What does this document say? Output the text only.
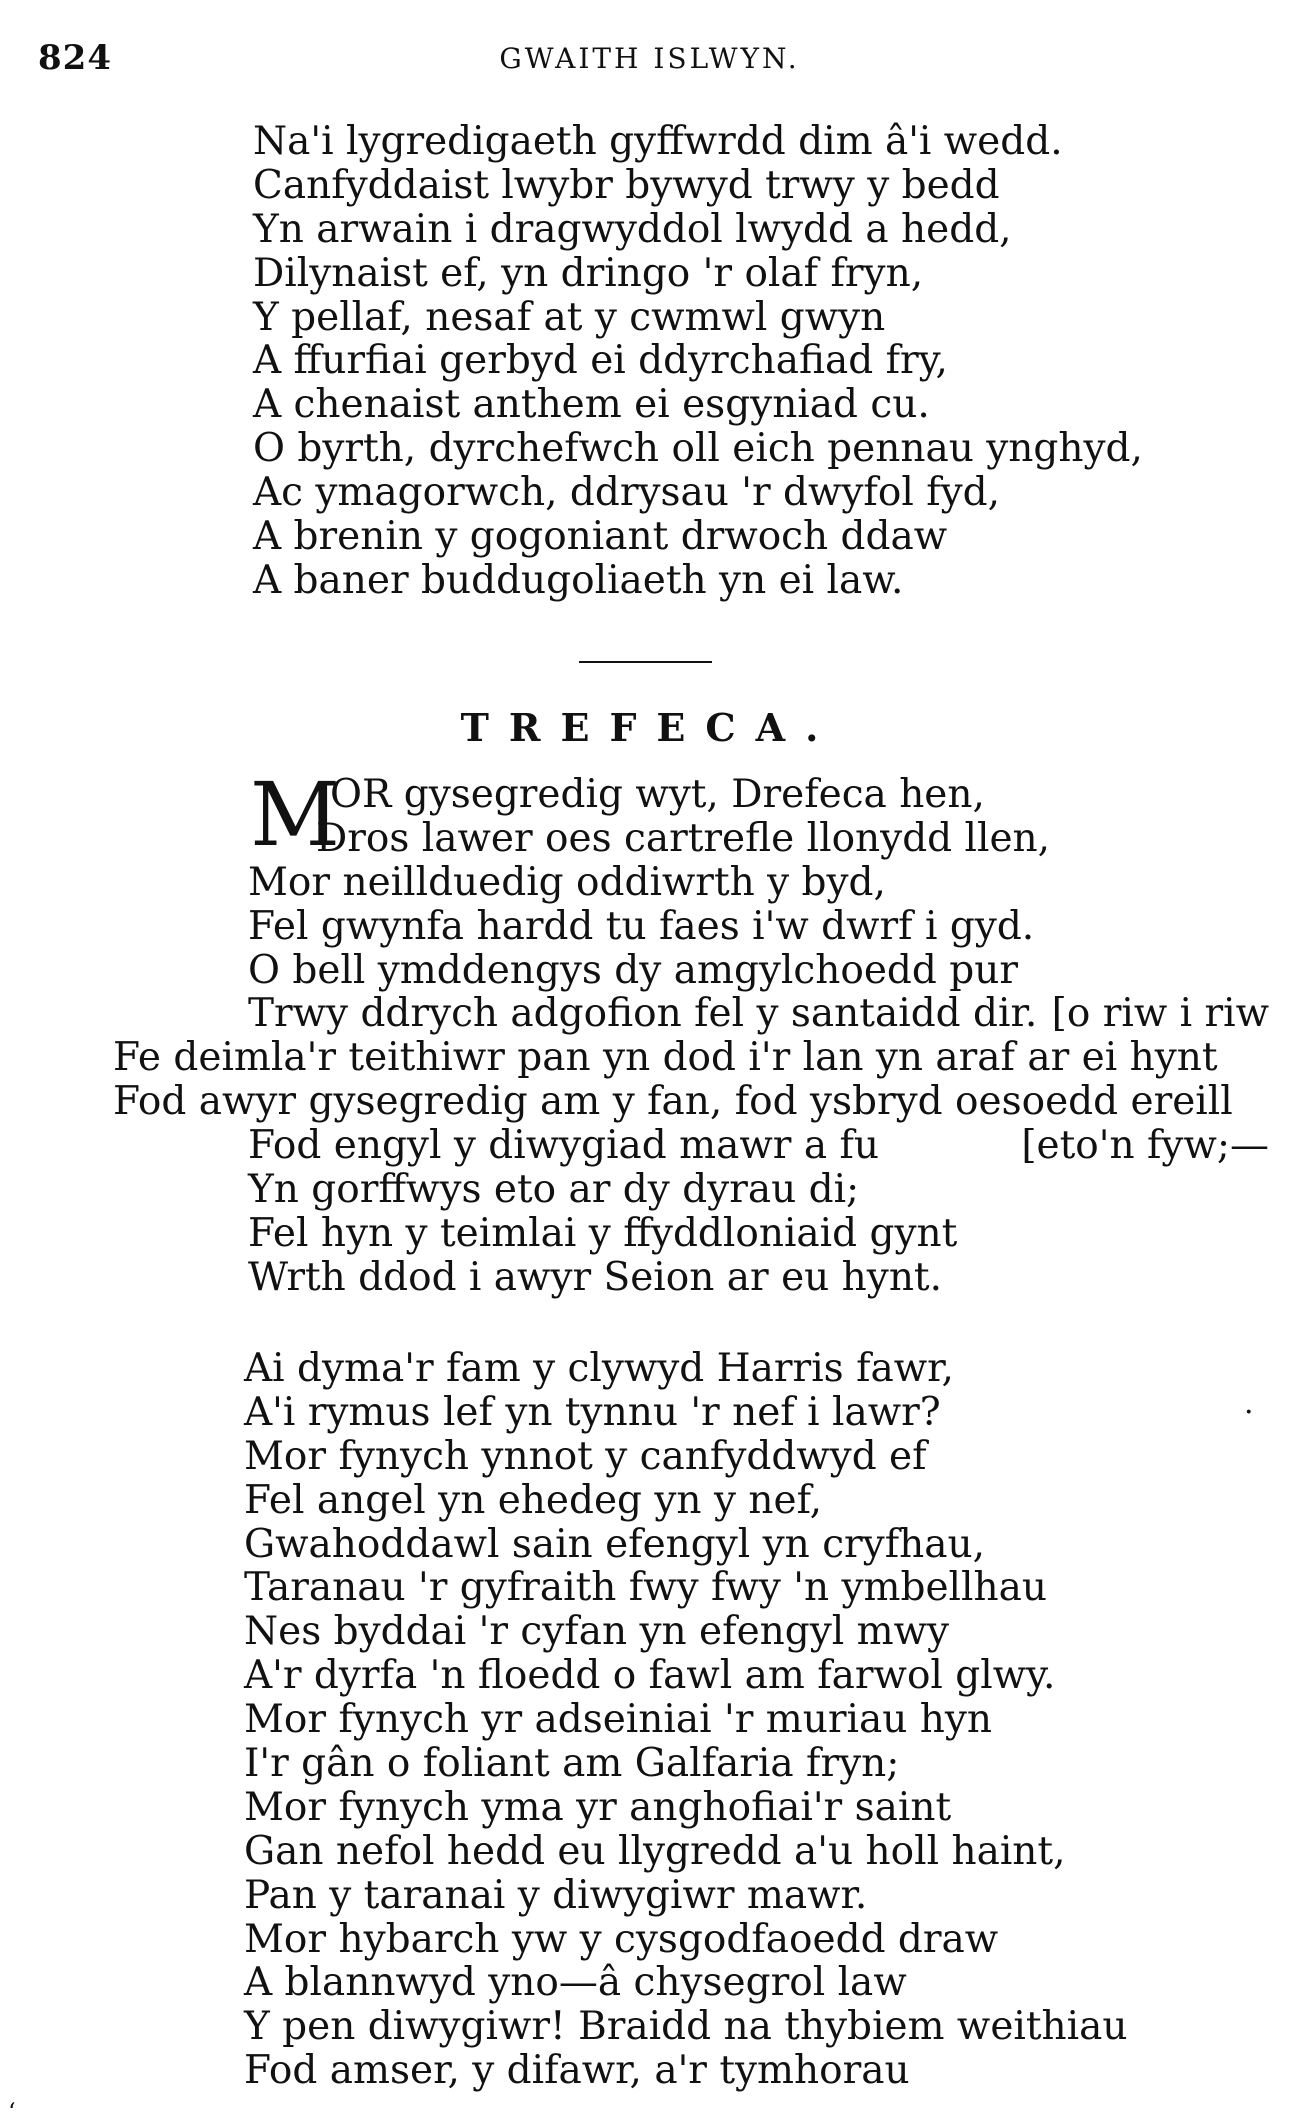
824	GWAITH ISLWYN.
Na'i lygredigaeth gyffwrdd dim â'i wedd.
Canfyddaist lwybr bywyd trwy y bedd
Yn arwain i dragwyddol lwydd a hedd,
Dilynaist ef, yn dringo 'r olaf fryn,
Y pellaf, nesaf at y cwmwl gwyn
A ffurfiai gerbyd ei ddyrchafiad fry,
A chenaist anthem ei esgyniad cu.
O byrth, dyrchefwch oll eich pennau ynghyd,
Ac ymagorwch, ddrysau 'r dwyfol fyd,
A brenin y gogoniant drwoch ddaw
A baner buddugoliaeth yn ei law.
TREFECA.
M
OR gysegredig wyt, Drefeca hen,
Dros lawer oes cartrefle llonydd llen,
Mor neillduedig oddiwrth y byd,
Fel gwynfa hardd tu faes i'w dwrf i gyd.
O bell ymddengys dy amgylchoedd pur
Trwy ddrych adgofion fel y santaidd dir. [o riw i riw
Fe deimla'r teithiwr pan yn dod i'r lan yn araf ar ei hynt
Fod awyr gysegredig am y fan, fod ysbryd oesoedd ereill
Fod engyl y diwygiad mawr a fu	[eto'n fyw;—
Yn gorffwys eto ar dy dyrau di;
Fel hyn y teimlai y ffyddloniaid gynt
Wrth ddod i awyr Seion ar eu hynt.
Ai dyma'r fam y clywyd Harris fawr,
A'i rymus lef yn tynnu 'r nef i lawr?
Mor fynych ynnot y canfyddwyd ef
Fel angel yn ehedeg yn y nef,
Gwahoddawl sain efengyl yn cryfhau,
Taranau 'r gyfraith fwy fwy 'n ymbellhau
Nes byddai 'r cyfan yn efengyl mwy
A'r dyrfa 'n floedd o fawl am farwol glwy.
Mor fynych yr adseiniai 'r muriau hyn
I'r gân o foliant am Galfaria fryn;
Mor fynych yma yr anghofiai'r saint
Gan nefol hedd eu llygredd a'u holl haint,
Pan y taranai y diwygiwr mawr.
Mor hybarch yw y cysgodfaoedd draw
A blannwyd yno—â chysegrol law
Y pen diwygiwr! Braidd na thybiem weithiau
Fod amser, y difawr, a'r tymhorau
·
ʻ
